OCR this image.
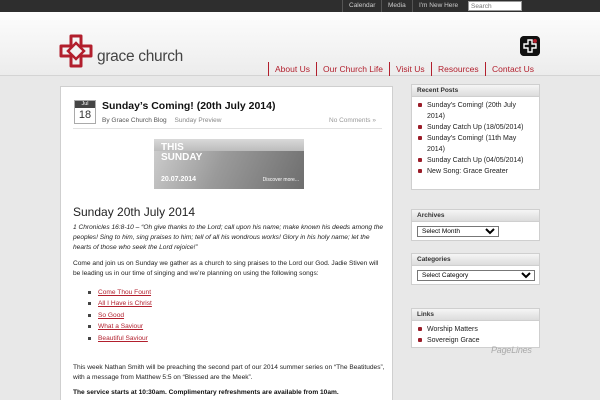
Calendar	Media	I'm New Here
Search
grace church
About Us	Our Church Life	Visit Us	Resources	Contact Us
Jul
18
Sunday’s Coming! (20th July 2014)
By Grace Church Blog Sunday Preview	No Comments »
THIS
SUNDAY
20.07.2014	Discover more...
Sunday 20th July 2014

1 Chronicles 16:8-10 – “Oh give thanks to the Lord; call upon his name; make known his deeds among the peoples! Sing to him, sing praises to him; tell of all his wondrous works! Glory in his holy name; let the hearts of those who seek the Lord rejoice!”

Come and join us on Sunday we gather as a church to sing praises to the Lord our God. Jadie Stiven will be leading us in our time of singing and we’re planning on using the following songs:

Come Thou Fount
All I Have is Christ
So Good
What a Saviour
Beautiful Saviour

This week Nathan Smith will be preaching the second part of our 2014 summer series on “The Beatitudes”, with a message from Matthew 5:5 on “Blessed are the Meek”.

The service starts at 10:30am. Complimentary refreshments are available from 10am.

Recent Posts
Sunday’s Coming! (20th July 2014)
Sunday Catch Up (18/05/2014)
Sunday’s Coming! (11th May 2014)
Sunday Catch Up (04/05/2014)
New Song: Grace Greater
Archives
Select Month
Categories
Select Category
Links
Worship Matters
Sovereign Grace
PageLines
